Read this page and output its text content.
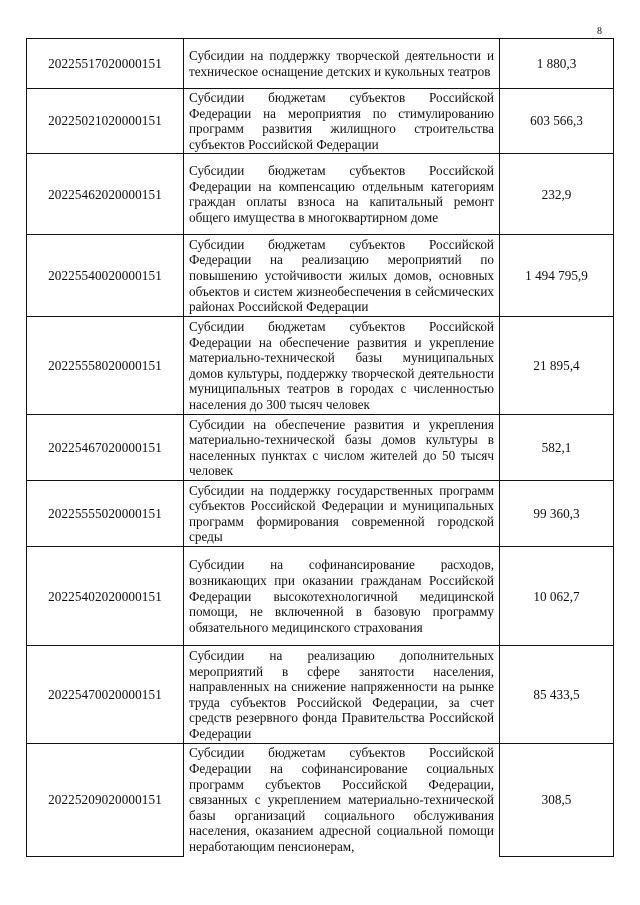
8
20225517020000151	Субсидии на поддержку творческой деятельности и техническое оснащение детских и кукольных театров	1 880,3
20225021020000151	Субсидии бюджетам субъектов Российской Федерации на мероприятия по стимулированию программ развития жилищного строительства субъектов Российской Федерации	603 566,3
20225462020000151	Субсидии бюджетам субъектов Российской Федерации на компенсацию отдельным категориям граждан оплаты взноса на капитальный ремонт общего имущества в многоквартирном доме	232,9
20225540020000151	Субсидии бюджетам субъектов Российской Федерации на реализацию мероприятий по повышению устойчивости жилых домов, основных объектов и систем жизнеобеспечения в сейсмических районах Российской Федерации	1 494 795,9
20225558020000151	Субсидии бюджетам субъектов Российской Федерации на обеспечение развития и укрепление материально-технической базы муниципальных домов культуры, поддержку творческой деятельности муниципальных театров в городах с численностью населения до 300 тысяч человек	21 895,4
20225467020000151	Субсидии на обеспечение развития и укрепления материально-технической базы домов культуры в населенных пунктах с числом жителей до 50 тысяч человек	582,1
20225555020000151	Субсидии на поддержку государственных программ субъектов Российской Федерации и муниципальных программ формирования современной городской среды	99 360,3
20225402020000151	Субсидии на софинансирование расходов, возникающих при оказании гражданам Российской Федерации высокотехнологичной медицинской помощи, не включенной в базовую программу обязательного медицинского страхования	10 062,7
20225470020000151	Субсидии на реализацию дополнительных мероприятий в сфере занятости населения, направленных на снижение напряженности на рынке труда субъектов Российской Федерации, за счет средств резервного фонда Правительства Российской Федерации	85 433,5
20225209020000151	Субсидии бюджетам субъектов Российской Федерации на софинансирование социальных программ субъектов Российской Федерации, связанных с укреплением материально-технической базы организаций социального обслуживания населения, оказанием адресной социальной помощи неработающим пенсионерам,	308,5
